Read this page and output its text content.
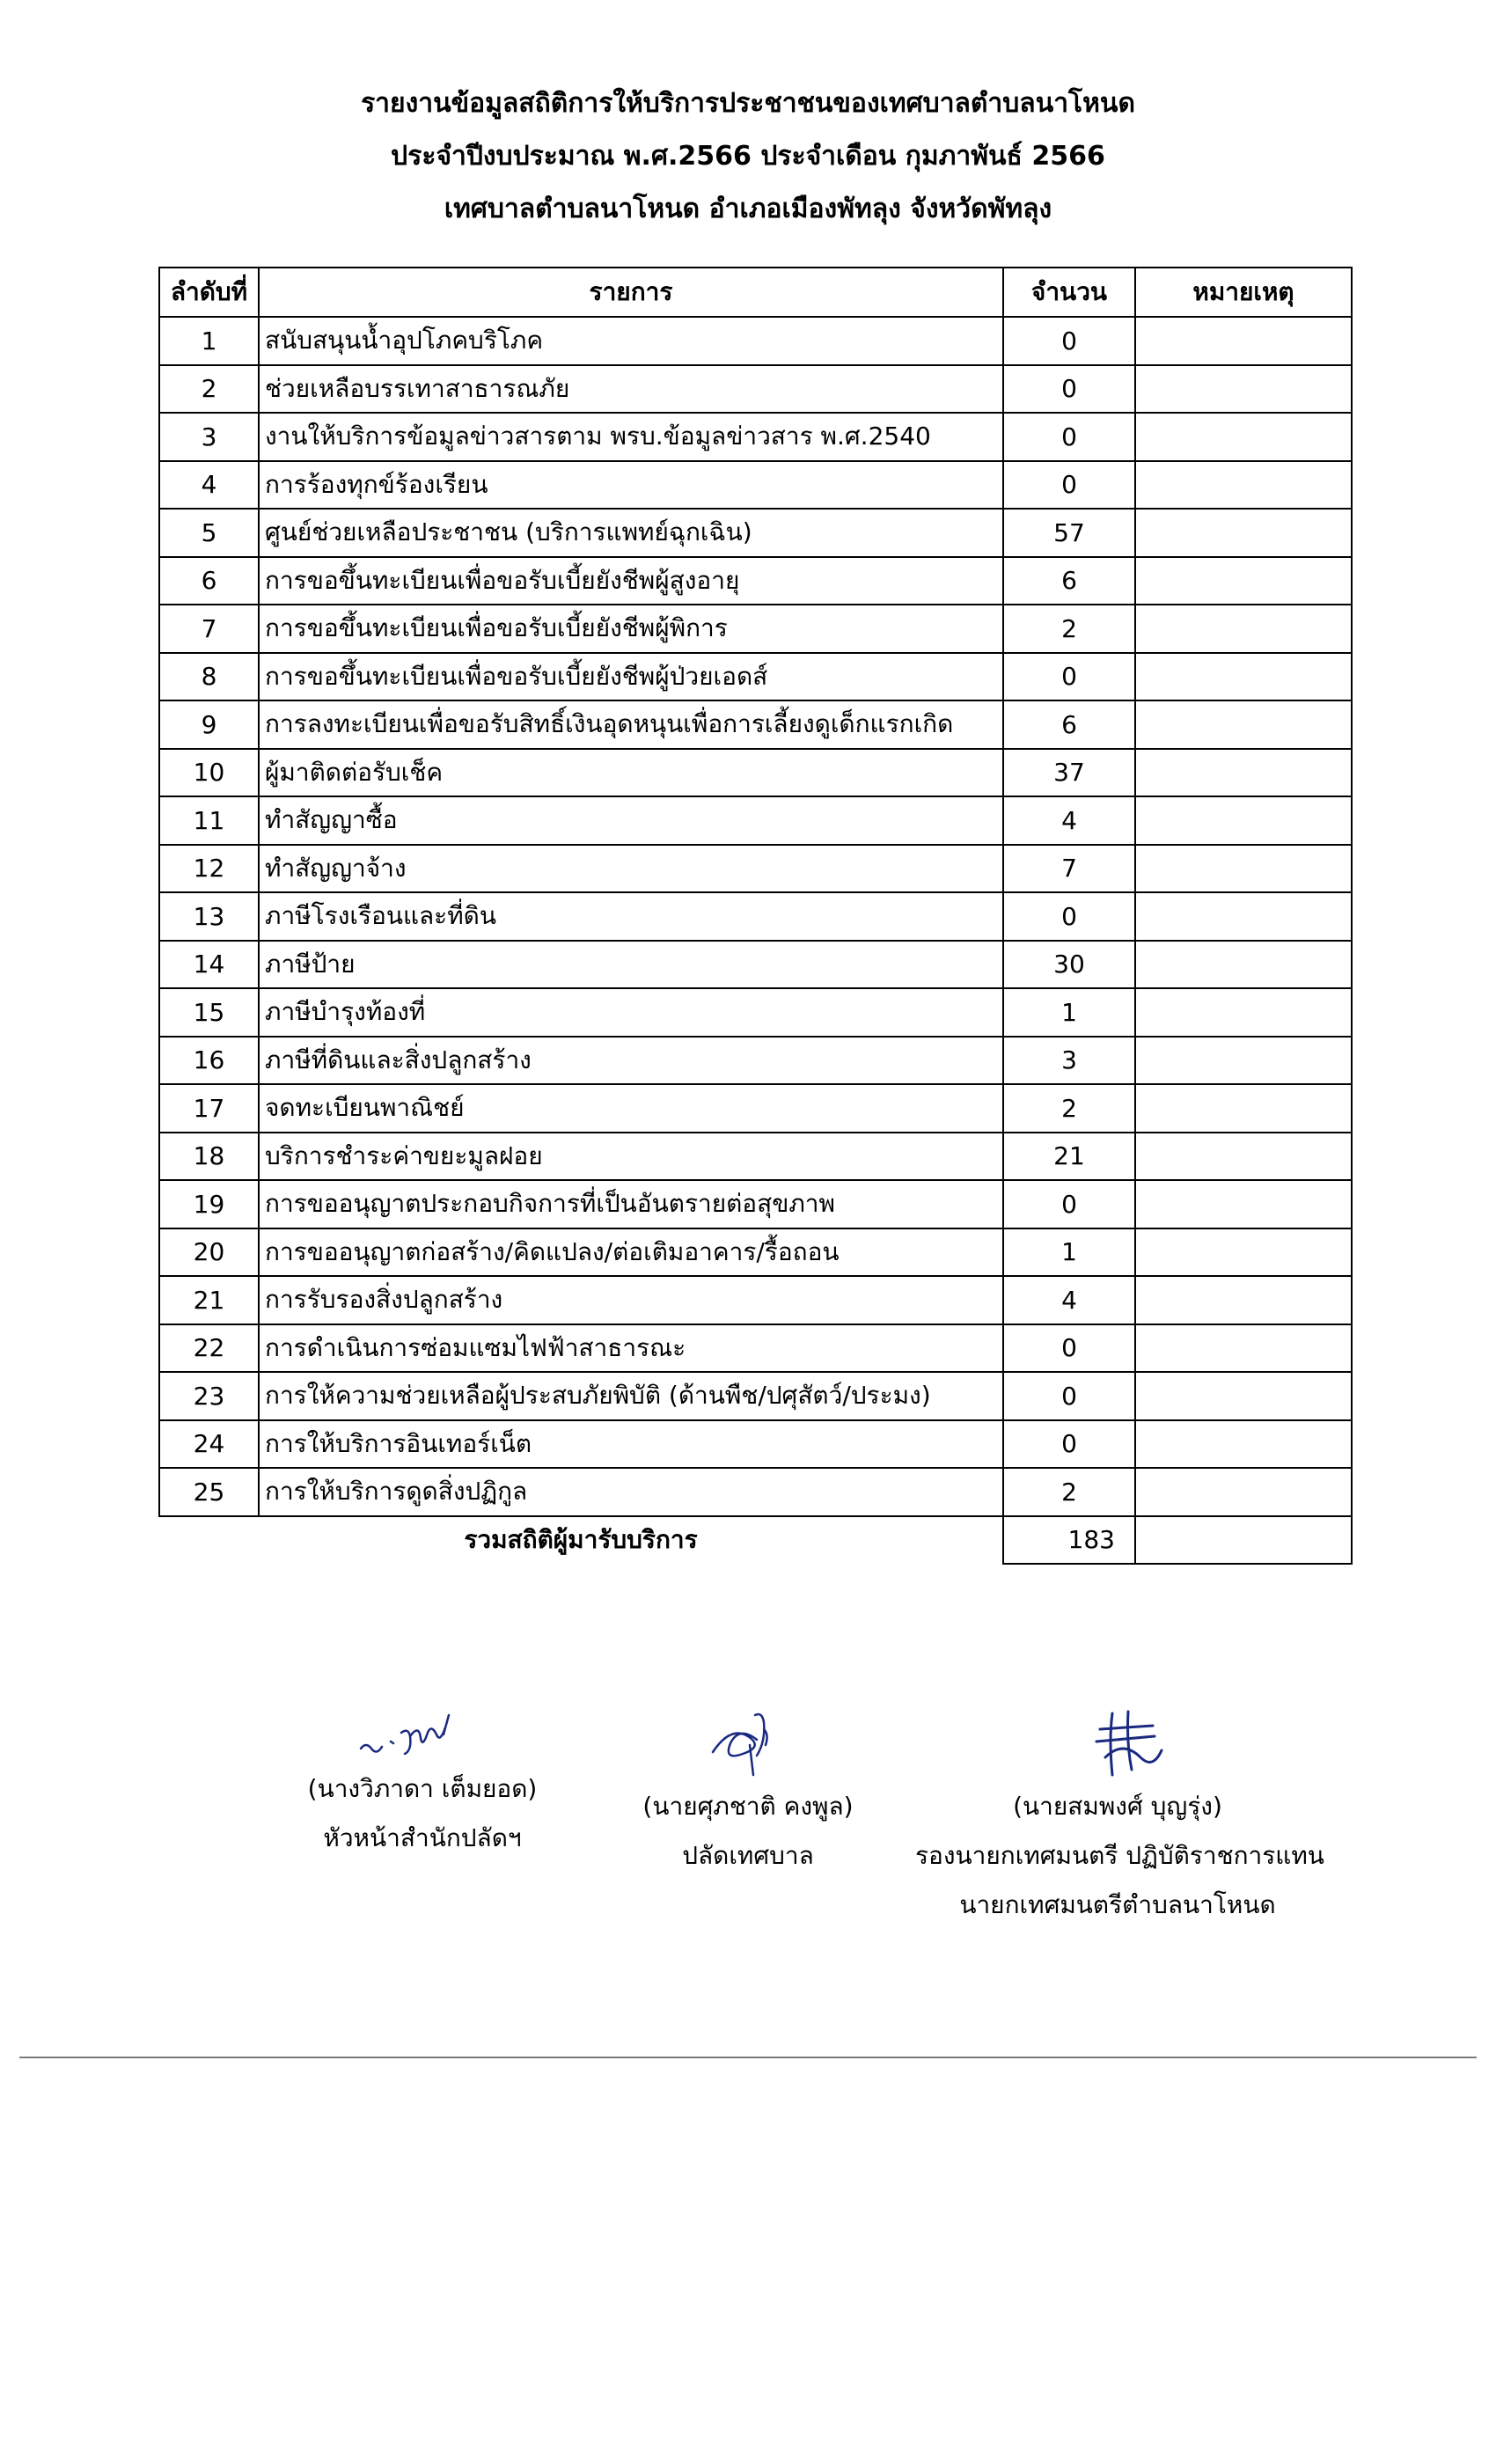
รายงานข้อมูลสถิติการให้บริการประชาชนของเทศบาลตำบลนาโหนด
ประจำปีงบประมาณ พ.ศ.2566 ประจำเดือน กุมภาพันธ์ 2566
เทศบาลตำบลนาโหนด อำเภอเมืองพัทลุง จังหวัดพัทลุง
ลำดับที่	รายการ	จำนวน	หมายเหตุ
1	สนับสนุนน้ำอุปโภคบริโภค	0	
2	ช่วยเหลือบรรเทาสาธารณภัย	0	
3	งานให้บริการข้อมูลข่าวสารตาม พรบ.ข้อมูลข่าวสาร พ.ศ.2540	0	
4	การร้องทุกข์ร้องเรียน	0	
5	ศูนย์ช่วยเหลือประชาชน (บริการแพทย์ฉุกเฉิน)	57	
6	การขอขึ้นทะเบียนเพื่อขอรับเบี้ยยังชีพผู้สูงอายุ	6	
7	การขอขึ้นทะเบียนเพื่อขอรับเบี้ยยังชีพผู้พิการ	2	
8	การขอขึ้นทะเบียนเพื่อขอรับเบี้ยยังชีพผู้ป่วยเอดส์	0	
9	การลงทะเบียนเพื่อขอรับสิทธิ์เงินอุดหนุนเพื่อการเลี้ยงดูเด็กแรกเกิด	6	
10	ผู้มาติดต่อรับเช็ค	37	
11	ทำสัญญาซื้อ	4	
12	ทำสัญญาจ้าง	7	
13	ภาษีโรงเรือนและที่ดิน	0	
14	ภาษีป้าย	30	
15	ภาษีบำรุงท้องที่	1	
16	ภาษีที่ดินและสิ่งปลูกสร้าง	3	
17	จดทะเบียนพาณิชย์	2	
18	บริการชำระค่าขยะมูลฝอย	21	
19	การขออนุญาตประกอบกิจการที่เป็นอันตรายต่อสุขภาพ	0	
20	การขออนุญาตก่อสร้าง/คิดแปลง/ต่อเติมอาคาร/รื้อถอน	1	
21	การรับรองสิ่งปลูกสร้าง	4	
22	การดำเนินการซ่อมแซมไฟฟ้าสาธารณะ	0	
23	การให้ความช่วยเหลือผู้ประสบภัยพิบัติ (ด้านพืช/ปศุสัตว์/ประมง)	0	
24	การให้บริการอินเทอร์เน็ต	0	
25	การให้บริการดูดสิ่งปฏิกูล	2	
รวมสถิติผู้มารับบริการ		183	
(นางวิภาดา เต็มยอด)
หัวหน้าสำนักปลัดฯ
(นายศุภชาติ คงพูล)
ปลัดเทศบาล
(นายสมพงศ์ บุญรุ่ง)
รองนายกเทศมนตรี ปฏิบัติราชการแทน
นายกเทศมนตรีตำบลนาโหนด
